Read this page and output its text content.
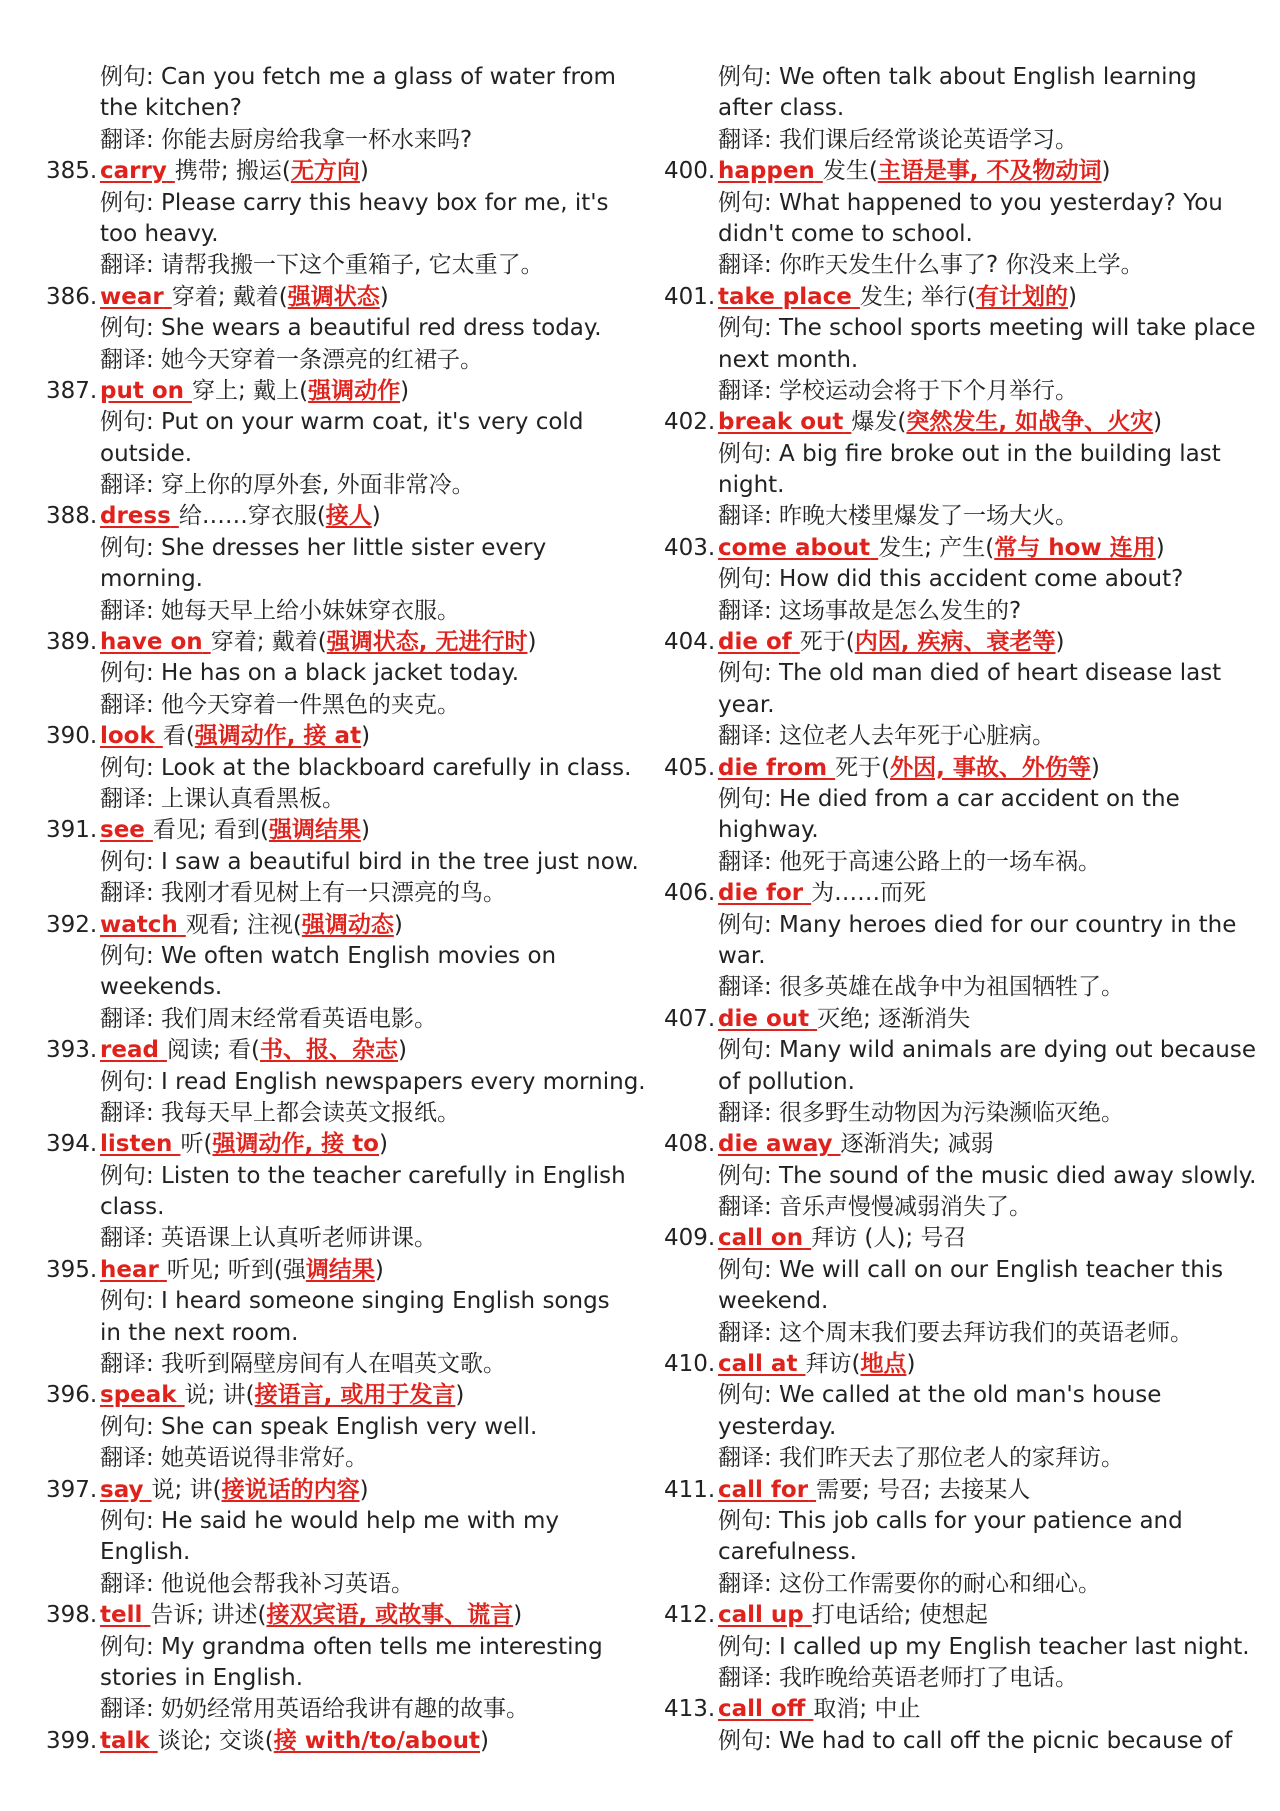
例句: Can you fetch me a glass of water from
the kitchen?
翻译: 你能去厨房给我拿一杯水来吗?
385. carry 携带; 搬运(无方向)
例句: Please carry this heavy box for me, it's
too heavy.
翻译: 请帮我搬一下这个重箱子, 它太重了。
386. wear 穿着; 戴着(强调状态)
例句: She wears a beautiful red dress today.
翻译: 她今天穿着一条漂亮的红裙子。
387. put on 穿上; 戴上(强调动作)
例句: Put on your warm coat, it's very cold
outside.
翻译: 穿上你的厚外套, 外面非常冷。
388. dress 给……穿衣服(接人)
例句: She dresses her little sister every
morning.
翻译: 她每天早上给小妹妹穿衣服。
389. have on 穿着; 戴着(强调状态, 无进行时)
例句: He has on a black jacket today.
翻译: 他今天穿着一件黑色的夹克。
390. look 看(强调动作, 接 at)
例句: Look at the blackboard carefully in class.
翻译: 上课认真看黑板。
391. see 看见; 看到(强调结果)
例句: I saw a beautiful bird in the tree just now.
翻译: 我刚才看见树上有一只漂亮的鸟。
392. watch 观看; 注视(强调动态)
例句: We often watch English movies on
weekends.
翻译: 我们周末经常看英语电影。
393. read 阅读; 看(书、报、杂志)
例句: I read English newspapers every morning.
翻译: 我每天早上都会读英文报纸。
394. listen 听(强调动作, 接 to)
例句: Listen to the teacher carefully in English
class.
翻译: 英语课上认真听老师讲课。
395. hear 听见; 听到(强调结果)
例句: I heard someone singing English songs
in the next room.
翻译: 我听到隔壁房间有人在唱英文歌。
396. speak 说; 讲(接语言, 或用于发言)
例句: She can speak English very well.
翻译: 她英语说得非常好。
397. say 说; 讲(接说话的内容)
例句: He said he would help me with my
English.
翻译: 他说他会帮我补习英语。
398. tell 告诉; 讲述(接双宾语, 或故事、谎言)
例句: My grandma often tells me interesting
stories in English.
翻译: 奶奶经常用英语给我讲有趣的故事。
399. talk 谈论; 交谈(接 with/to/about)
例句: We often talk about English learning
after class.
翻译: 我们课后经常谈论英语学习。
400. happen 发生(主语是事, 不及物动词)
例句: What happened to you yesterday? You
didn't come to school.
翻译: 你昨天发生什么事了? 你没来上学。
401. take place 发生; 举行(有计划的)
例句: The school sports meeting will take place
next month.
翻译: 学校运动会将于下个月举行。
402. break out 爆发(突然发生, 如战争、火灾)
例句: A big fire broke out in the building last
night.
翻译: 昨晚大楼里爆发了一场大火。
403. come about 发生; 产生(常与 how 连用)
例句: How did this accident come about?
翻译: 这场事故是怎么发生的?
404. die of 死于(内因, 疾病、衰老等)
例句: The old man died of heart disease last
year.
翻译: 这位老人去年死于心脏病。
405. die from 死于(外因, 事故、外伤等)
例句: He died from a car accident on the
highway.
翻译: 他死于高速公路上的一场车祸。
406. die for 为……而死
例句: Many heroes died for our country in the
war.
翻译: 很多英雄在战争中为祖国牺牲了。
407. die out 灭绝; 逐渐消失
例句: Many wild animals are dying out because
of pollution.
翻译: 很多野生动物因为污染濒临灭绝。
408. die away 逐渐消失; 减弱
例句: The sound of the music died away slowly.
翻译: 音乐声慢慢减弱消失了。
409. call on 拜访 (人); 号召
例句: We will call on our English teacher this
weekend.
翻译: 这个周末我们要去拜访我们的英语老师。
410. call at 拜访(地点)
例句: We called at the old man's house
yesterday.
翻译: 我们昨天去了那位老人的家拜访。
411. call for 需要; 号召; 去接某人
例句: This job calls for your patience and
carefulness.
翻译: 这份工作需要你的耐心和细心。
412. call up 打电话给; 使想起
例句: I called up my English teacher last night.
翻译: 我昨晚给英语老师打了电话。
413. call off 取消; 中止
例句: We had to call off the picnic because of
